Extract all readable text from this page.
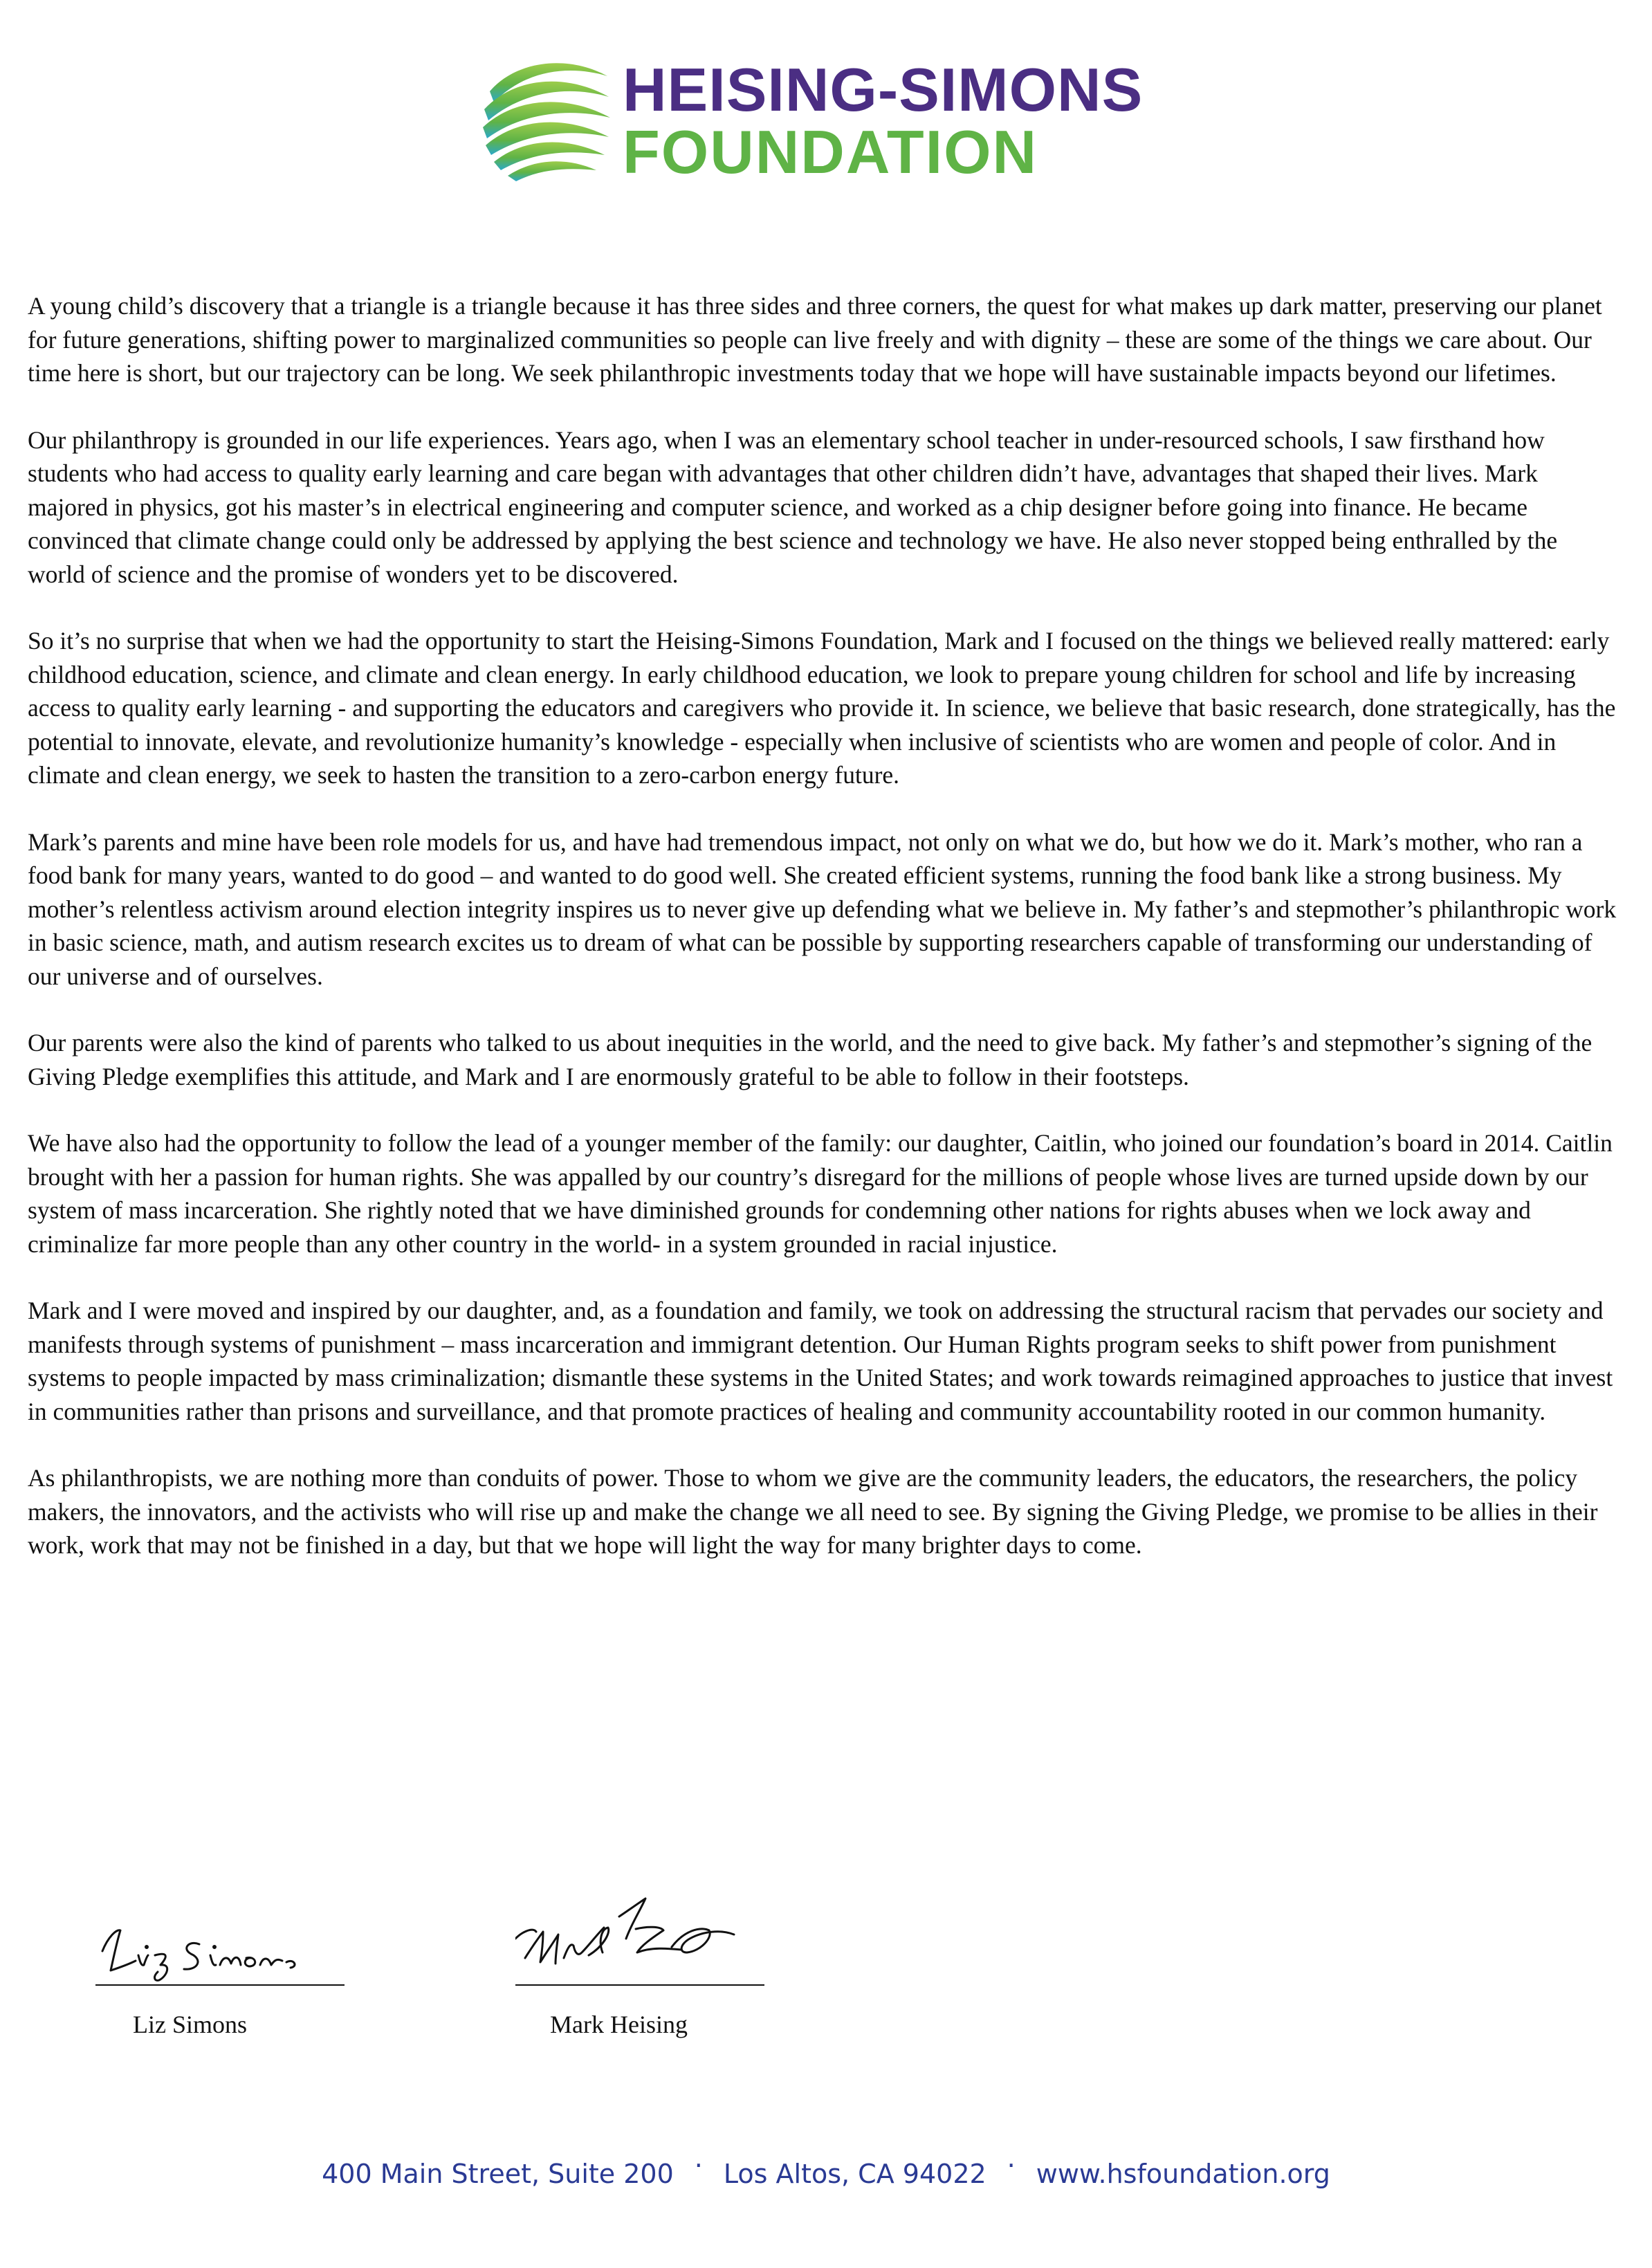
HEISING-SIMONS
FOUNDATION

A young child’s discovery that a triangle is a triangle because it has three sides and three corners, the quest for what makes up dark matter, preserving our planet for future generations, shifting power to marginalized communities so people can live freely and with dignity – these are some of the things we care about. Our time here is short, but our trajectory can be long. We seek philanthropic investments today that we hope will have sustainable impacts beyond our lifetimes.

Our philanthropy is grounded in our life experiences. Years ago, when I was an elementary school teacher in under-resourced schools, I saw firsthand how students who had access to quality early learning and care began with advantages that other children didn’t have, advantages that shaped their lives. Mark majored in physics, got his master’s in electrical engineering and computer science, and worked as a chip designer before going into finance. He became convinced that climate change could only be addressed by applying the best science and technology we have. He also never stopped being enthralled by the world of science and the promise of wonders yet to be discovered.

So it’s no surprise that when we had the opportunity to start the Heising-Simons Foundation, Mark and I focused on the things we believed really mattered: early childhood education, science, and climate and clean energy. In early childhood education, we look to prepare young children for school and life by increasing access to quality early learning - and supporting the educators and caregivers who provide it. In science, we believe that basic research, done strategically, has the potential to innovate, elevate, and revolutionize humanity’s knowledge - especially when inclusive of scientists who are women and people of color. And in climate and clean energy, we seek to hasten the transition to a zero-carbon energy future.

Mark’s parents and mine have been role models for us, and have had tremendous impact, not only on what we do, but how we do it. Mark’s mother, who ran a food bank for many years, wanted to do good – and wanted to do good well. She created efficient systems, running the food bank like a strong business. My mother’s relentless activism around election integrity inspires us to never give up defending what we believe in. My father’s and stepmother’s philanthropic work in basic science, math, and autism research excites us to dream of what can be possible by supporting researchers capable of transforming our understanding of our universe and of ourselves.

Our parents were also the kind of parents who talked to us about inequities in the world, and the need to give back. My father’s and stepmother’s signing of the Giving Pledge exemplifies this attitude, and Mark and I are enormously grateful to be able to follow in their footsteps.

We have also had the opportunity to follow the lead of a younger member of the family: our daughter, Caitlin, who joined our foundation’s board in 2014. Caitlin brought with her a passion for human rights. She was appalled by our country’s disregard for the millions of people whose lives are turned upside down by our system of mass incarceration. She rightly noted that we have diminished grounds for condemning other nations for rights abuses when we lock away and criminalize far more people than any other country in the world- in a system grounded in racial injustice.

Mark and I were moved and inspired by our daughter, and, as a foundation and family, we took on addressing the structural racism that pervades our society and manifests through systems of punishment – mass incarceration and immigrant detention. Our Human Rights program seeks to shift power from punishment systems to people impacted by mass criminalization; dismantle these systems in the United States; and work towards reimagined approaches to justice that invest in communities rather than prisons and surveillance, and that promote practices of healing and community accountability rooted in our common humanity.

As philanthropists, we are nothing more than conduits of power. Those to whom we give are the community leaders, the educators, the researchers, the policy makers, the innovators, and the activists who will rise up and make the change we all need to see. By signing the Giving Pledge, we promise to be allies in their work, work that may not be finished in a day, but that we hope will light the way for many brighter days to come.

Liz Simons	Mark Heising
400 Main Street, Suite 200 · Los Altos, CA 94022 · www.hsfoundation.org
